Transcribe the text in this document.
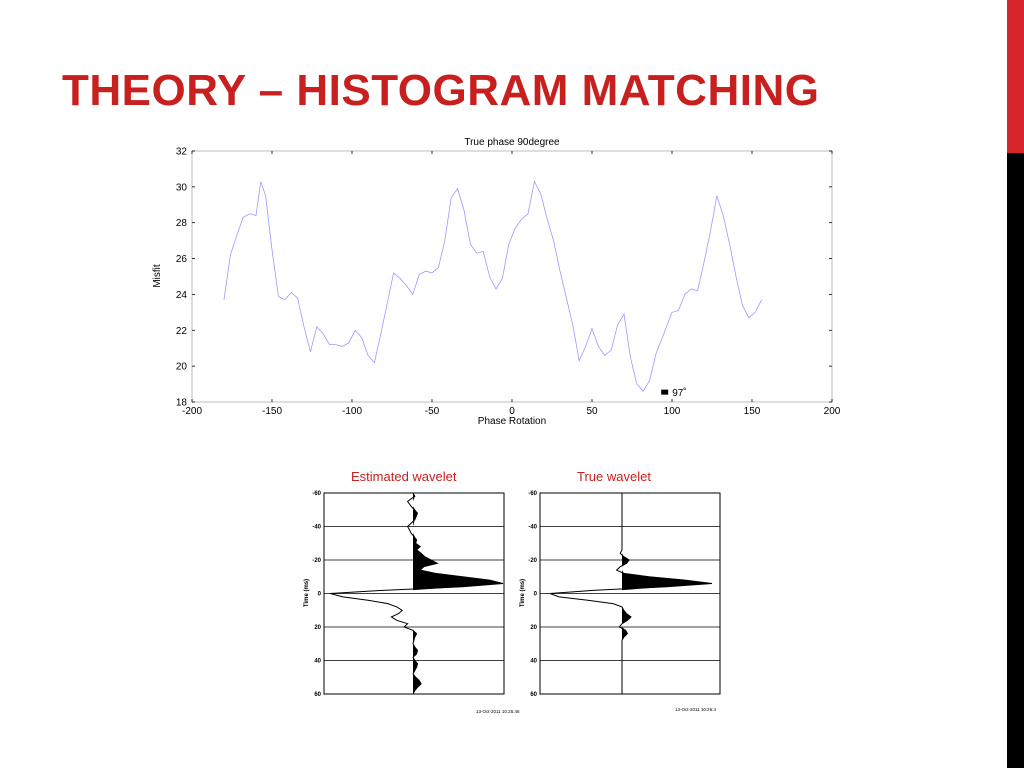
THEORY – HISTOGRAM MATCHING
True phase 90degree
-200	-150	-100	-50	0	50	100	150	200
18
20
22
24
26
28
30
32
97˚
Phase Rotation
Misfit
Estimated wavelet	True wavelet
Time (ms)
13-Oct-2011 10:25:46
-60
-40
-20
0
20
40
60
Time (ms)
13-Oct-2011 10:26:4
-60
-40
-20
0
20
40
60
